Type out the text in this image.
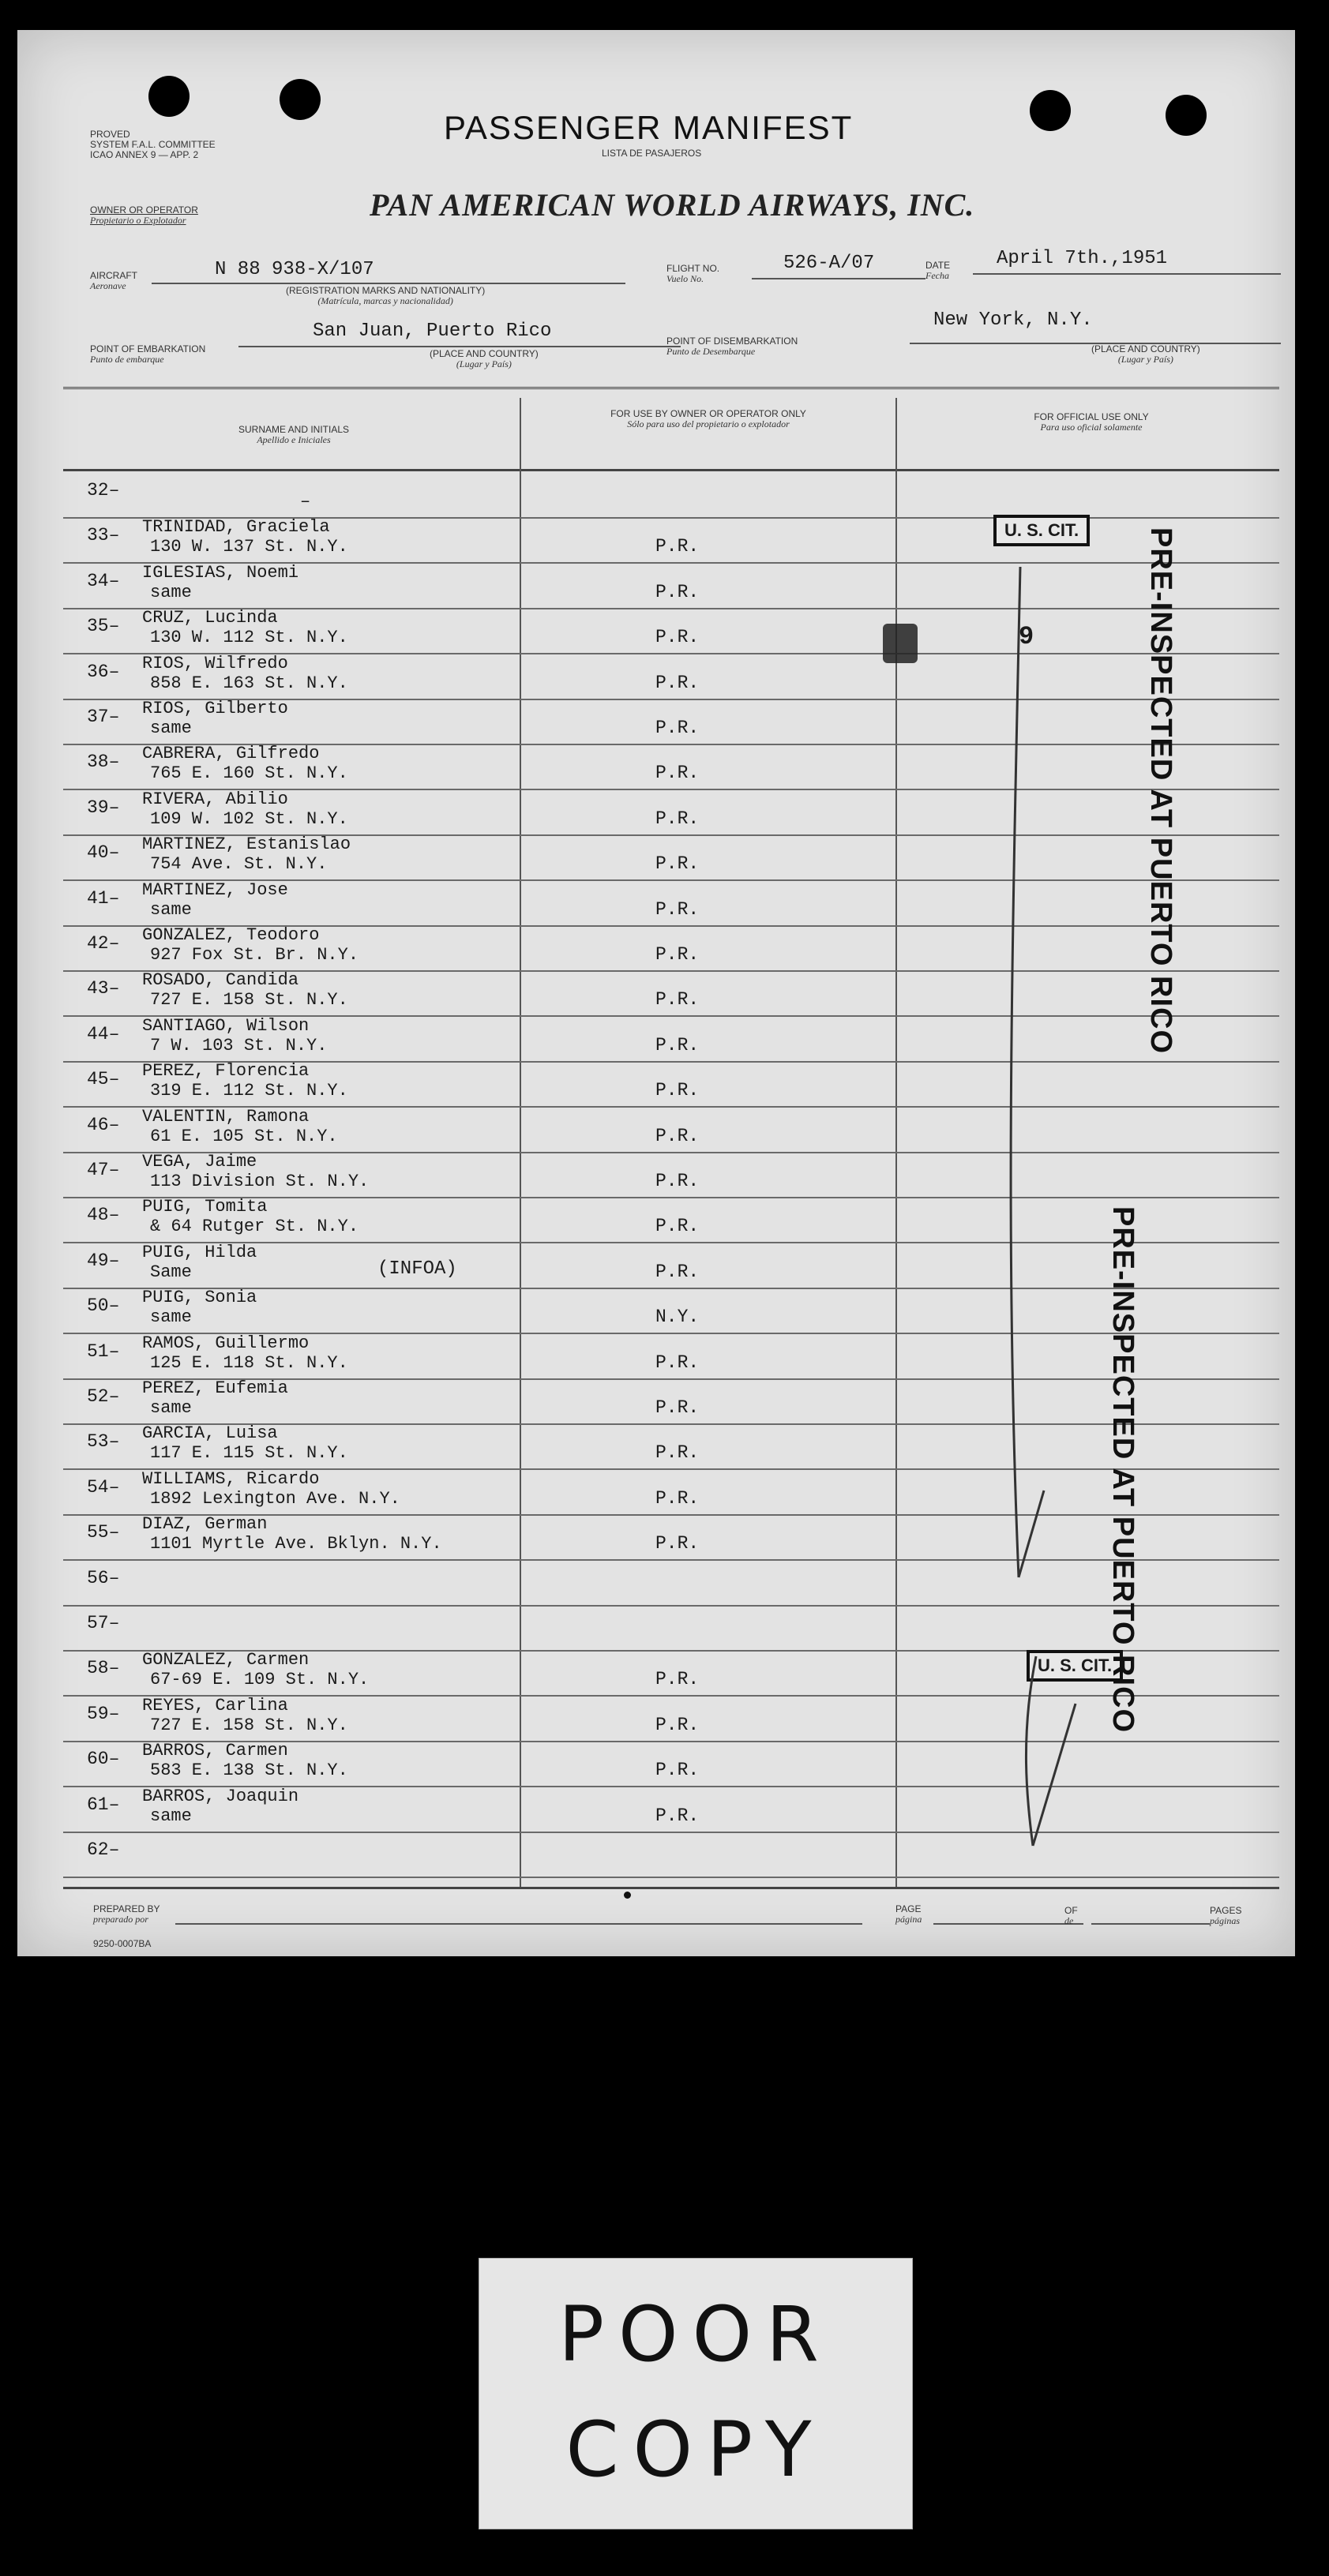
PROVED
SYSTEM F.A.L. COMMITTEE
ICAO ANNEX 9 — APP. 2
PASSENGER MANIFEST
LISTA DE PASAJEROS
OWNER OR OPERATOR
Propietario o Explotador	PAN AMERICAN WORLD AIRWAYS, INC.
AIRCRAFT
Aeronave
N 88 938-X/107
(REGISTRATION MARKS AND NATIONALITY)
(Matrícula, marcas y nacionalidad)
FLIGHT NO.
Vuelo No.
526-A/07	DATE
Fecha
April 7th.,1951
POINT OF EMBARKATION
Punto de embarque
San Juan, Puerto Rico
(PLACE AND COUNTRY)
(Lugar y País)
POINT OF DISEMBARKATION
Punto de Desembarque
New York, N.Y.
(PLACE AND COUNTRY)
(Lugar y País)
SURNAME AND INITIALS
Apellido e Iniciales
FOR USE BY OWNER OR OPERATOR ONLY
Sólo para uso del propietario o explotador
FOR OFFICIAL USE ONLY
Para uso oficial solamente
32–
–
33– TRINIDAD, Graciela
130 W. 137 St. N.Y.	P.R.
34– IGLESIAS, Noemi
same	P.R.
35– CRUZ, Lucinda
130 W. 112 St. N.Y.	P.R.
36– RIOS, Wilfredo
858 E. 163 St. N.Y.	P.R.
37– RIOS, Gilberto
same	P.R.
38– CABRERA, Gilfredo
765 E. 160 St. N.Y.	P.R.
39– RIVERA, Abilio
109 W. 102 St. N.Y.	P.R.
40– MARTINEZ, Estanislao
754 Ave. St. N.Y.	P.R.
41– MARTINEZ, Jose
same	P.R.
42– GONZALEZ, Teodoro
927 Fox St. Br. N.Y.	P.R.
43– ROSADO, Candida
727 E. 158 St. N.Y.	P.R.
44– SANTIAGO, Wilson
7 W. 103 St. N.Y.	P.R.
45– PEREZ, Florencia
319 E. 112 St. N.Y.	P.R.
46– VALENTIN, Ramona
61 E. 105 St. N.Y.	P.R.
47– VEGA, Jaime
113 Division St. N.Y.	P.R.
48– PUIG, Tomita
& 64 Rutger St. N.Y.	P.R.
49– PUIG, Hilda
Same	P.R.
50– PUIG, Sonia
same	N.Y.
51– RAMOS, Guillermo
125 E. 118 St. N.Y.	P.R.
52– PEREZ, Eufemia
same	P.R.
53– GARCIA, Luisa
117 E. 115 St. N.Y.	P.R.
54– WILLIAMS, Ricardo
1892 Lexington Ave. N.Y.	P.R.
55– DIAZ, German
1101 Myrtle Ave. Bklyn. N.Y.	P.R.
56–
57–
58– GONZALEZ, Carmen
67-69 E. 109 St. N.Y.	P.R.
59– REYES, Carlina
727 E. 158 St. N.Y.	P.R.
60– BARROS, Carmen
583 E. 138 St. N.Y.	P.R.
61– BARROS, Joaquin
same	P.R.
62–
(INFOA)
9
U. S. CIT.
U. S. CIT.
PRE-INSPECTED AT PUERTO RICO
PRE-INSPECTED AT PUERTO RICO
PREPARED BY
preparado por
PAGE
página
OF
de
PAGES
páginas
9250-0007BA
POOR
COPY
